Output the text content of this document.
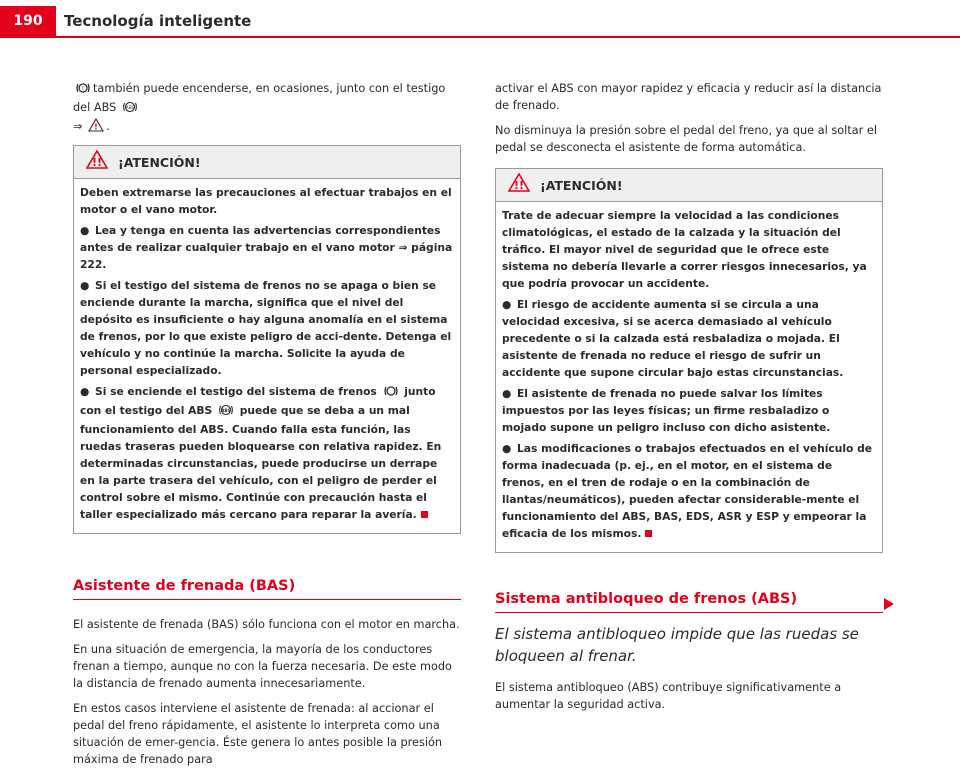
190	Tecnología inteligente

! también puede encenderse, en ocasiones, junto con el testigo del ABS ABS

⇒ ! .

!! ¡ATENCIÓN!

Deben extremarse las precauciones al efectuar trabajos en el motor o el vano motor.

● Lea y tenga en cuenta las advertencias correspondientes antes de realizar cualquier trabajo en el vano motor ⇒ página 222.

● Si el testigo del sistema de frenos no se apaga o bien se enciende durante la marcha, significa que el nivel del depósito es insuficiente o hay alguna anomalía en el sistema de frenos, por lo que existe peligro de acci-dente. Detenga el vehículo y no continúe la marcha. Solicite la ayuda de personal especializado.

● Si se enciende el testigo del sistema de frenos	junto con el testigo del ABS ABS puede que se deba a un mal funcionamiento del ABS. Cuando falla esta función, las ruedas traseras pueden bloquearse con relativa rapidez. En determinadas circunstancias, puede producirse un derrape en la parte trasera del vehículo, con el peligro de perder el control sobre el mismo. Continúe con precaución hasta el taller especializado más cercano para reparar la avería.

Asistente de frenada (BAS)

El asistente de frenada (BAS) sólo funciona con el motor en marcha.

En una situación de emergencia, la mayoría de los conductores frenan a tiempo, aunque no con la fuerza necesaria. De este modo la distancia de frenado aumenta innecesariamente.

En estos casos interviene el asistente de frenada: al accionar el pedal del freno rápidamente, el asistente lo interpreta como una situación de emer-gencia. Éste genera lo antes posible la presión máxima de frenado para

activar el ABS con mayor rapidez y eficacia y reducir así la distancia de frenado.

No disminuya la presión sobre el pedal del freno, ya que al soltar el pedal se desconecta el asistente de forma automática.

!! ¡ATENCIÓN!

Trate de adecuar siempre la velocidad a las condiciones climatológicas, el estado de la calzada y la situación del tráfico. El mayor nivel de seguridad que le ofrece este sistema no debería llevarle a correr riesgos innecesarios, ya que podría provocar un accidente.

● El riesgo de accidente aumenta si se circula a una velocidad excesiva, si se acerca demasiado al vehículo precedente o si la calzada está resbaladiza o mojada. El asistente de frenada no reduce el riesgo de sufrir un accidente que supone circular bajo estas circunstancias.

● El asistente de frenada no puede salvar los límites impuestos por las leyes físicas; un firme resbaladizo o mojado supone un peligro incluso con dicho asistente.

● Las modificaciones o trabajos efectuados en el vehículo de forma inadecuada (p. ej., en el motor, en el sistema de frenos, en el tren de rodaje o en la combinación de llantas/neumáticos), pueden afectar considerable-mente el funcionamiento del ABS, BAS, EDS, ASR y ESP y empeorar la eficacia de los mismos.

Sistema antibloqueo de frenos (ABS)

El sistema antibloqueo impide que las ruedas se bloqueen al frenar.

El sistema antibloqueo (ABS) contribuye significativamente a aumentar la seguridad activa.
